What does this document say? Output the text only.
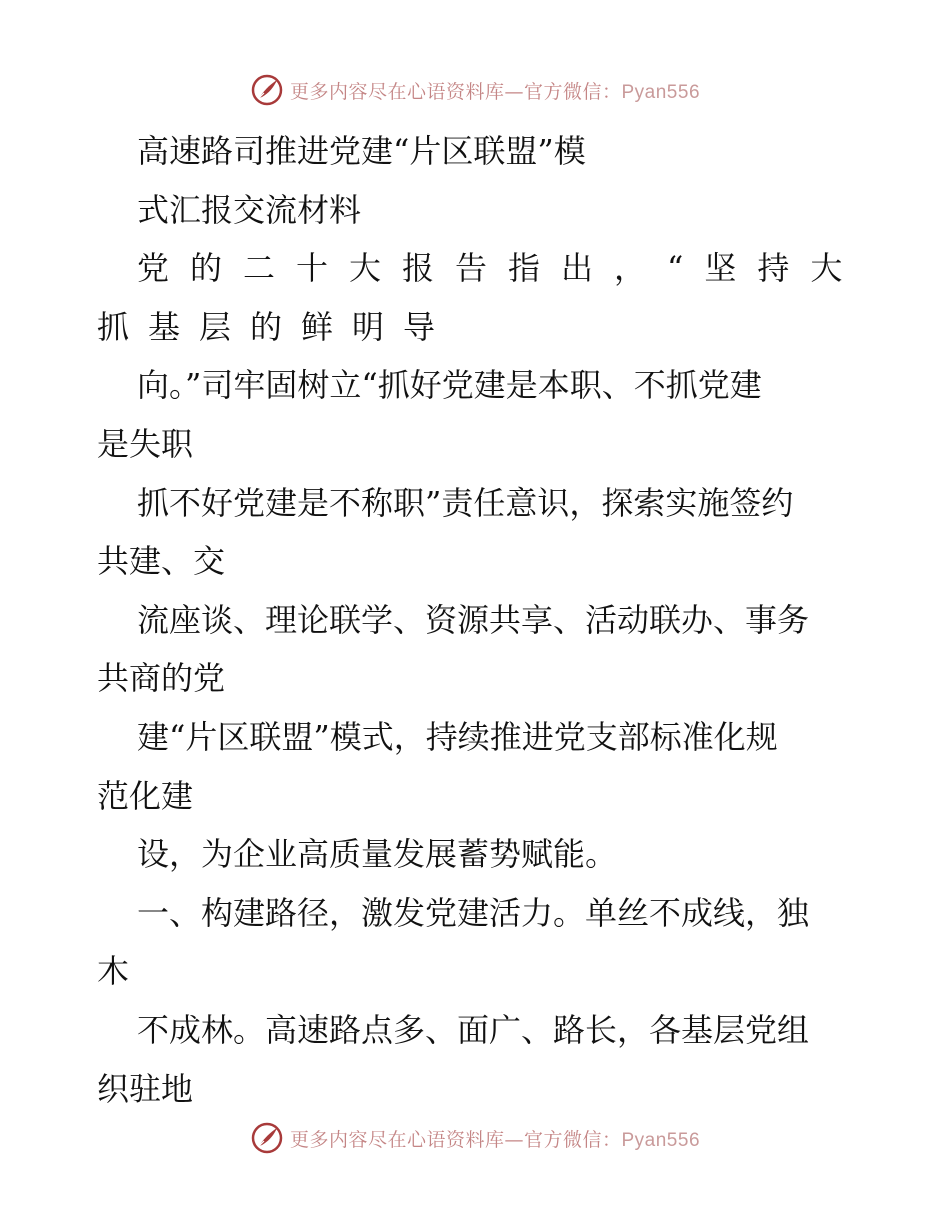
更多内容尽在心语资料库—官方微信：Pyan556
高速路司推进党建“片区联盟”模
式汇报交流材料
党的二十大报告指出，“坚持大
抓基层的鲜明导
向。”司牢固树立“抓好党建是本职、不抓党建
是失职
抓不好党建是不称职”责任意识，探索实施签约
共建、交
流座谈、理论联学、资源共享、活动联办、事务
共商的党
建“片区联盟”模式，持续推进党支部标准化规
范化建
设，为企业高质量发展蓄势赋能。
一、构建路径，激发党建活力。单丝不成线，独
木
不成林。高速路点多、面广、路长，各基层党组
织驻地
更多内容尽在心语资料库—官方微信：Pyan556
